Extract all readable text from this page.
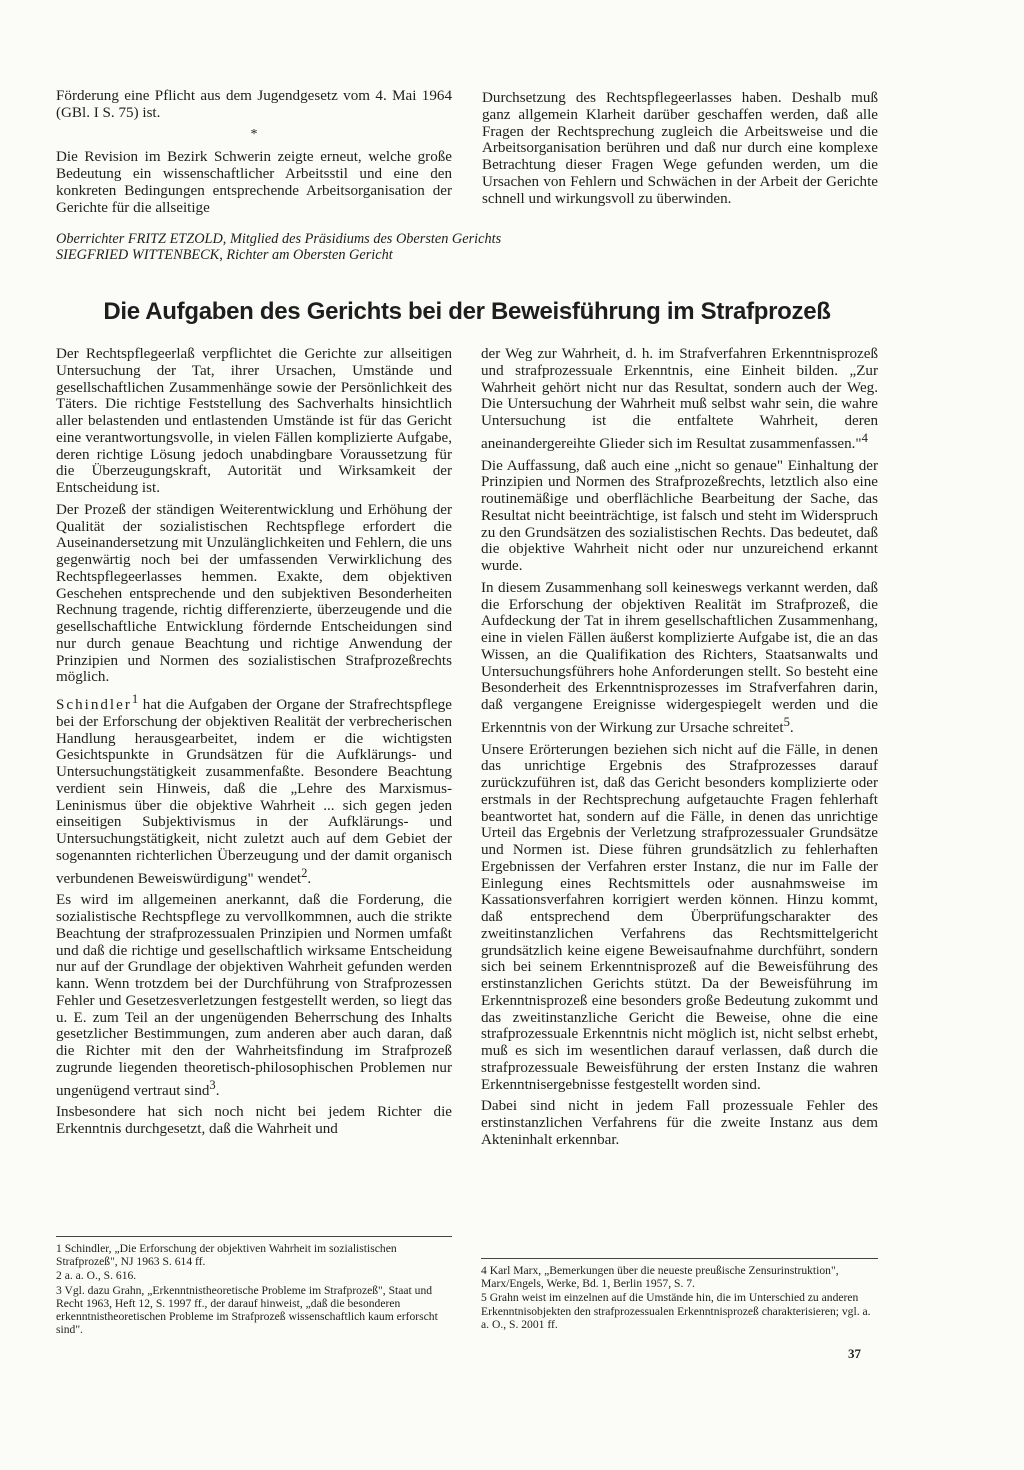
Förderung eine Pflicht aus dem Jugendgesetz vom 4. Mai 1964 (GBl. I S. 75) ist.

*

Die Revision im Bezirk Schwerin zeigte erneut, welche große Bedeutung ein wissenschaftlicher Arbeitsstil und eine den konkreten Bedingungen entsprechende Arbeitsorganisation der Gerichte für die allseitige

Durchsetzung des Rechtspflegeerlasses haben. Deshalb muß ganz allgemein Klarheit darüber geschaffen werden, daß alle Fragen der Rechtsprechung zugleich die Arbeitsweise und die Arbeitsorganisation berühren und daß nur durch eine komplexe Betrachtung dieser Fragen Wege gefunden werden, um die Ursachen von Fehlern und Schwächen in der Arbeit der Gerichte schnell und wirkungsvoll zu überwinden.

Oberrichter FRITZ ETZOLD, Mitglied des Präsidiums des Obersten Gerichts
SIEGFRIED WITTENBECK, Richter am Obersten Gericht
Die Aufgaben des Gerichts bei der Beweisführung im Strafprozeß

Der Rechtspflegeerlaß verpflichtet die Gerichte zur allseitigen Untersuchung der Tat, ihrer Ursachen, Umstände und gesellschaftlichen Zusammenhänge sowie der Persönlichkeit des Täters. Die richtige Feststellung des Sachverhalts hinsichtlich aller belastenden und entlastenden Umstände ist für das Gericht eine verantwortungsvolle, in vielen Fällen komplizierte Aufgabe, deren richtige Lösung jedoch unabdingbare Voraussetzung für die Überzeugungskraft, Autorität und Wirksamkeit der Entscheidung ist.

Der Prozeß der ständigen Weiterentwicklung und Erhöhung der Qualität der sozialistischen Rechtspflege erfordert die Auseinandersetzung mit Unzulänglichkeiten und Fehlern, die uns gegenwärtig noch bei der umfassenden Verwirklichung des Rechtspflegeerlasses hemmen. Exakte, dem objektiven Geschehen entsprechende und den subjektiven Besonderheiten Rechnung tragende, richtig differenzierte, überzeugende und die gesellschaftliche Entwicklung fördernde Entscheidungen sind nur durch genaue Beachtung und richtige Anwendung der Prinzipien und Normen des sozialistischen Strafprozeßrechts möglich.

Schindler$^1$ hat die Aufgaben der Organe der Strafrechtspflege bei der Erforschung der objektiven Realität der verbrecherischen Handlung herausgearbeitet, indem er die wichtigsten Gesichtspunkte in Grundsätzen für die Aufklärungs- und Untersuchungstätigkeit zusammenfaßte. Besondere Beachtung verdient sein Hinweis, daß die „Lehre des Marxismus-Leninismus über die objektive Wahrheit ... sich gegen jeden einseitigen Subjektivismus in der Aufklärungs- und Untersuchungstätigkeit, nicht zuletzt auch auf dem Gebiet der sogenannten richterlichen Überzeugung und der damit organisch verbundenen Beweiswürdigung" wendet$^2$.

Es wird im allgemeinen anerkannt, daß die Forderung, die sozialistische Rechtspflege zu vervollkommnen, auch die strikte Beachtung der strafprozessualen Prinzipien und Normen umfaßt und daß die richtige und gesellschaftlich wirksame Entscheidung nur auf der Grundlage der objektiven Wahrheit gefunden werden kann. Wenn trotzdem bei der Durchführung von Strafprozessen Fehler und Gesetzesverletzungen festgestellt werden, so liegt das u. E. zum Teil an der ungenügenden Beherrschung des Inhalts gesetzlicher Bestimmungen, zum anderen aber auch daran, daß die Richter mit den der Wahrheitsfindung im Strafprozeß zugrunde liegenden theoretisch-philosophischen Problemen nur ungenügend vertraut sind$^3$.

Insbesondere hat sich noch nicht bei jedem Richter die Erkenntnis durchgesetzt, daß die Wahrheit und

der Weg zur Wahrheit, d. h. im Strafverfahren Erkenntnisprozeß und strafprozessuale Erkenntnis, eine Einheit bilden. „Zur Wahrheit gehört nicht nur das Resultat, sondern auch der Weg. Die Untersuchung der Wahrheit muß selbst wahr sein, die wahre Untersuchung ist die entfaltete Wahrheit, deren aneinandergereihte Glieder sich im Resultat zusammenfassen."$^4$

Die Auffassung, daß auch eine „nicht so genaue" Einhaltung der Prinzipien und Normen des Strafprozeßrechts, letztlich also eine routinemäßige und oberflächliche Bearbeitung der Sache, das Resultat nicht beeinträchtige, ist falsch und steht im Widerspruch zu den Grundsätzen des sozialistischen Rechts. Das bedeutet, daß die objektive Wahrheit nicht oder nur unzureichend erkannt wurde.

In diesem Zusammenhang soll keineswegs verkannt werden, daß die Erforschung der objektiven Realität im Strafprozeß, die Aufdeckung der Tat in ihrem gesellschaftlichen Zusammenhang, eine in vielen Fällen äußerst komplizierte Aufgabe ist, die an das Wissen, an die Qualifikation des Richters, Staatsanwalts und Untersuchungsführers hohe Anforderungen stellt. So besteht eine Besonderheit des Erkenntnisprozesses im Strafverfahren darin, daß vergangene Ereignisse widergespiegelt werden und die Erkenntnis von der Wirkung zur Ursache schreitet$^5$.

Unsere Erörterungen beziehen sich nicht auf die Fälle, in denen das unrichtige Ergebnis des Strafprozesses darauf zurückzuführen ist, daß das Gericht besonders komplizierte oder erstmals in der Rechtsprechung aufgetauchte Fragen fehlerhaft beantwortet hat, sondern auf die Fälle, in denen das unrichtige Urteil das Ergebnis der Verletzung strafprozessualer Grundsätze und Normen ist. Diese führen grundsätzlich zu fehlerhaften Ergebnissen der Verfahren erster Instanz, die nur im Falle der Einlegung eines Rechtsmittels oder ausnahmsweise im Kassationsverfahren korrigiert werden können. Hinzu kommt, daß entsprechend dem Überprüfungscharakter des zweitinstanzlichen Verfahrens das Rechtsmittelgericht grundsätzlich keine eigene Beweisaufnahme durchführt, sondern sich bei seinem Erkenntnisprozeß auf die Beweisführung des erstinstanzlichen Gerichts stützt. Da der Beweisführung im Erkenntnisprozeß eine besonders große Bedeutung zukommt und das zweitinstanzliche Gericht die Beweise, ohne die eine strafprozessuale Erkenntnis nicht möglich ist, nicht selbst erhebt, muß es sich im wesentlichen darauf verlassen, daß durch die strafprozessuale Beweisführung der ersten Instanz die wahren Erkenntnisergebnisse festgestellt worden sind.

Dabei sind nicht in jedem Fall prozessuale Fehler des erstinstanzlichen Verfahrens für die zweite Instanz aus dem Akteninhalt erkennbar.

1 Schindler, „Die Erforschung der objektiven Wahrheit im sozialistischen Strafprozeß", NJ 1963 S. 614 ff.

2 a. a. O., S. 616.

3 Vgl. dazu Grahn, „Erkenntnistheoretische Probleme im Strafprozeß", Staat und Recht 1963, Heft 12, S. 1997 ff., der darauf hinweist, „daß die besonderen erkenntnistheoretischen Probleme im Strafprozeß wissenschaftlich kaum erforscht sind".

4 Karl Marx, „Bemerkungen über die neueste preußische Zensurinstruktion", Marx/Engels, Werke, Bd. 1, Berlin 1957, S. 7.

5 Grahn weist im einzelnen auf die Umstände hin, die im Unterschied zu anderen Erkenntnisobjekten den strafprozessualen Erkenntnisprozeß charakterisieren; vgl. a. a. O., S. 2001 ff.

37
